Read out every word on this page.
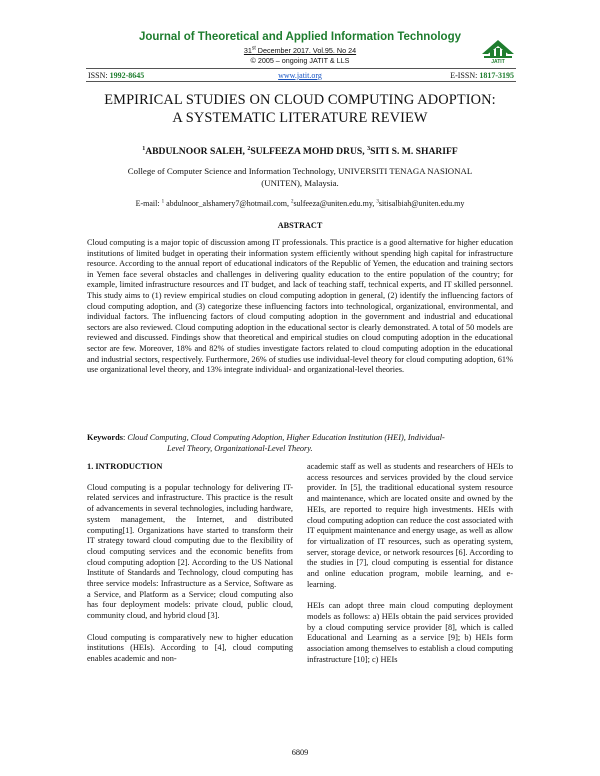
Journal of Theoretical and Applied Information Technology
31st December 2017. Vol.95. No 24
© 2005 – ongoing JATIT & LLS	JATIT
ISSN: 1992-8645	www.jatit.org	E-ISSN: 1817-3195
EMPIRICAL STUDIES ON CLOUD COMPUTING ADOPTION:
A SYSTEMATIC LITERATURE REVIEW
$^1$ABDULNOOR SALEH, $^2$SULFEEZA MOHD DRUS, $^3$SITI S. M. SHARIFF
College of Computer Science and Information Technology, UNIVERSITI TENAGA NASIONAL
(UNITEN), Malaysia.
E-mail: $^1$ abdulnoor_alshamery7@hotmail.com, $^2$sulfeeza@uniten.edu.my, $^3$sitisalbiah@uniten.edu.my
ABSTRACT
Cloud computing is a major topic of discussion among IT professionals. This practice is a good alternative for higher education institutions of limited budget in operating their information system efficiently without spending high capital for infrastructure resource. According to the annual report of educational indicators of the Republic of Yemen, the education and training sectors in Yemen face several obstacles and challenges in delivering quality education to the entire population of the country; for example, limited infrastructure resources and IT budget, and lack of teaching staff, technical experts, and IT skilled personnel. This study aims to (1) review empirical studies on cloud computing adoption in general, (2) identify the influencing factors of cloud computing adoption, and (3) categorize these influencing factors into technological, organizational, environmental, and individual factors. The influencing factors of cloud computing adoption in the government and industrial and educational sectors are also reviewed. Cloud computing adoption in the educational sector is clearly demonstrated. A total of 50 models are reviewed and discussed. Findings show that theoretical and empirical studies on cloud computing adoption in the educational sector are few. Moreover, 18% and 82% of studies investigate factors related to cloud computing adoption in the educational and industrial sectors, respectively. Furthermore, 26% of studies use individual-level theory for cloud computing adoption, 61% use organizational level theory, and 13% integrate individual- and organizational-level theories.
Keywords: Cloud Computing, Cloud Computing Adoption, Higher Education Institution (HEI), Individual-
Level Theory, Organizational-Level Theory.
1. INTRODUCTION
Cloud computing is a popular technology for delivering IT-related services and infrastructure. This practice is the result of advancements in several technologies, including hardware, system management, the Internet, and distributed computing[1]. Organizations have started to transform their IT strategy toward cloud computing due to the flexibility of cloud computing services and the economic benefits from cloud computing adoption [2]. According to the US National Institute of Standards and Technology, cloud computing has three service models: Infrastructure as a Service, Software as a Service, and Platform as a Service; cloud computing also has four deployment models: private cloud, public cloud, community cloud, and hybrid cloud [3].
Cloud computing is comparatively new to higher education institutions (HEIs). According to [4], cloud computing enables academic and non-
academic staff as well as students and researchers of HEIs to access resources and services provided by the cloud service provider. In [5], the traditional educational system resource and maintenance, which are located onsite and owned by the HEIs, are reported to require high investments. HEIs with cloud computing adoption can reduce the cost associated with IT equipment maintenance and energy usage, as well as allow for virtualization of IT resources, such as operating system, server, storage device, or network resources [6]. According to the studies in [7], cloud computing is essential for distance and online education program, mobile learning, and e-learning.
HEIs can adopt three main cloud computing deployment models as follows: a) HEIs obtain the paid services provided by a cloud computing service provider [8], which is called Educational and Learning as a service [9]; b) HEIs form association among themselves to establish a cloud computing infrastructure [10]; c) HEIs
6809
